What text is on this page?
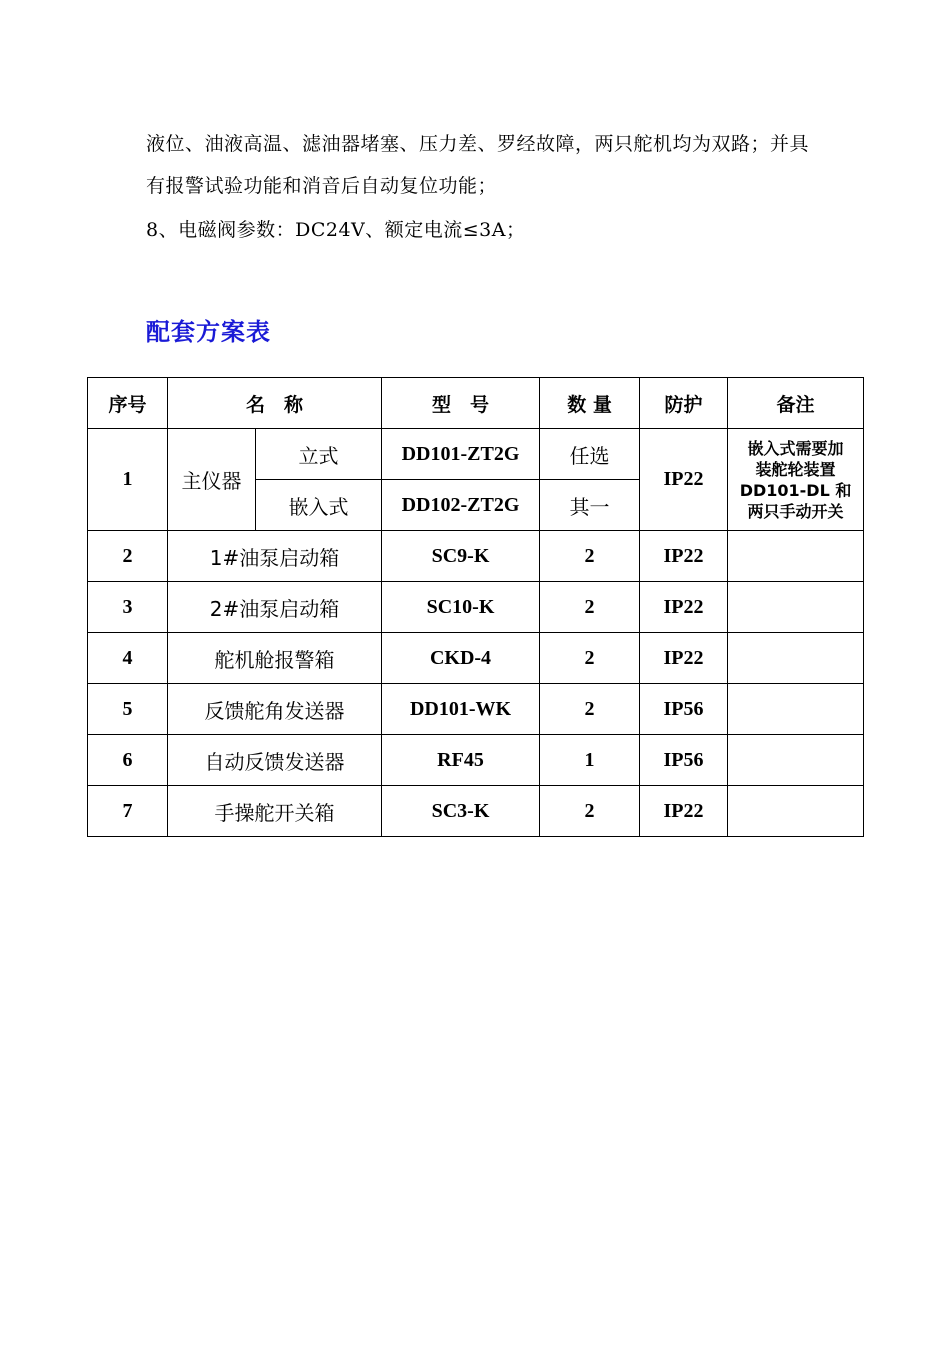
液位、油液高温、滤油器堵塞、压力差、罗经故障，两只舵机均为双路；并具有报警试验功能和消音后自动复位功能；
8、电磁阀参数：DC24V、额定电流≤3A；
配套方案表
序号	名　称		型　号	数 量	防护	备注
1	主仪器	立式	DD101-ZT2G	任选	IP22	嵌入式需要加
装舵轮装置
DD101-DL 和
两只手动开关

		嵌入式	DD102-ZT2G	其一		
2	1#油泵启动箱		SC9-K	2	IP22	
3	2#油泵启动箱		SC10-K	2	IP22	
4	舵机舱报警箱		CKD-4	2	IP22	
5	反馈舵角发送器		DD101-WK	2	IP56	
6	自动反馈发送器		RF45	1	IP56	
7	手操舵开关箱		SC3-K	2	IP22	
